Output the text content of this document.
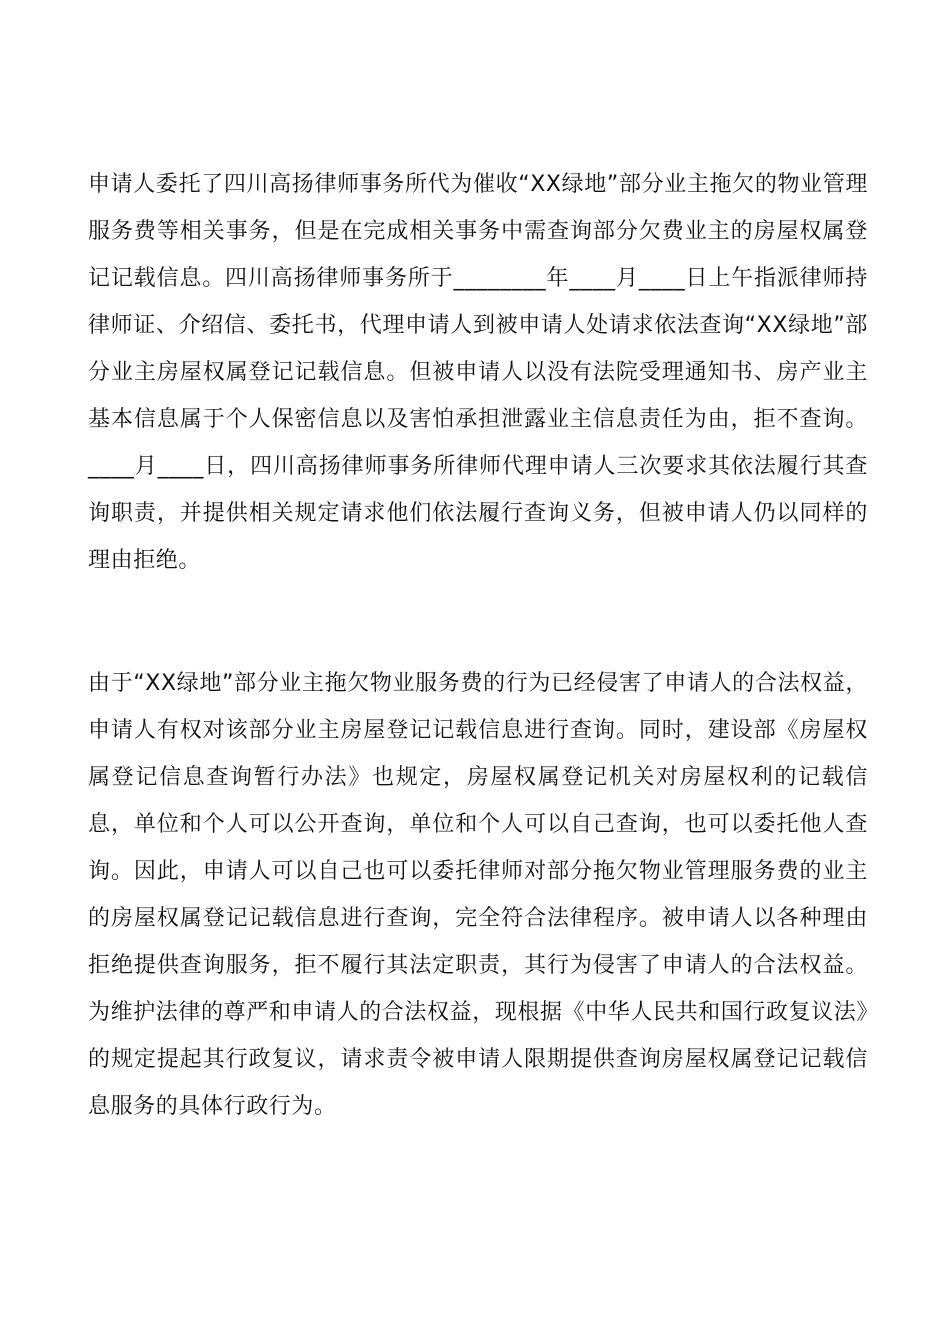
申请人委托了四川高扬律师事务所代为催收“XX绿地”部分业主拖欠的物业管理服务费等相关事务，但是在完成相关事务中需查询部分欠费业主的房屋权属登记记载信息。四川高扬律师事务所于________年____月____日上午指派律师持律师证、介绍信、委托书，代理申请人到被申请人处请求依法查询“XX绿地”部分业主房屋权属登记记载信息。但被申请人以没有法院受理通知书、房产业主基本信息属于个人保密信息以及害怕承担泄露业主信息责任为由，拒不查询。____月____日，四川高扬律师事务所律师代理申请人三次要求其依法履行其查询职责，并提供相关规定请求他们依法履行查询义务，但被申请人仍以同样的理由拒绝。

由于“XX绿地”部分业主拖欠物业服务费的行为已经侵害了申请人的合法权益，申请人有权对该部分业主房屋登记记载信息进行查询。同时，建设部《房屋权属登记信息查询暂行办法》也规定，房屋权属登记机关对房屋权利的记载信息，单位和个人可以公开查询，单位和个人可以自己查询，也可以委托他人查询。因此，申请人可以自己也可以委托律师对部分拖欠物业管理服务费的业主的房屋权属登记记载信息进行查询，完全符合法律程序。被申请人以各种理由拒绝提供查询服务，拒不履行其法定职责，其行为侵害了申请人的合法权益。为维护法律的尊严和申请人的合法权益，现根据《中华人民共和国行政复议法》的规定提起其行政复议，请求责令被申请人限期提供查询房屋权属登记记载信息服务的具体行政行为。
